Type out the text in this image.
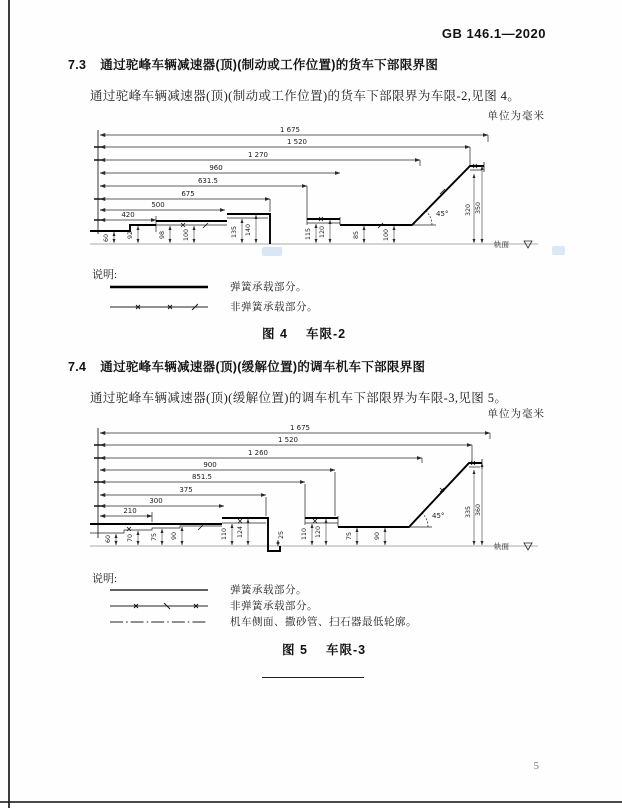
GB 146.1—2020
7.3 通过驼峰车辆减速器(顶)(制动或工作位置)的货车下部限界图
通过驼峰车辆减速器(顶)(制动或工作位置)的货车下部限界为车限-2,见图 4。
单位为毫米
1 675
1 520
1 270
960
631.5
675
500
420	45°
60	92	98	100	135 140	115 120	85	100
320 350
轨面
说明:
弹簧承载部分。
非弹簧承载部分。
图 4 车限-2
7.4 通过驼峰车辆减速器(顶)(缓解位置)的调车机车下部限界图
通过驼峰车辆减速器(顶)(缓解位置)的调车机车下部限界为车限-3,见图 5。
单位为毫米
1 675
1 520
1 260
900
851.5
375
300
210
45°
60 70	75 90	110 124	25	110 120	75	90
335 360
轨面
说明:
弹簧承载部分。
非弹簧承载部分。
机车侧面、撒砂管、扫石器最低轮廓。
图 5 车限-3
5
